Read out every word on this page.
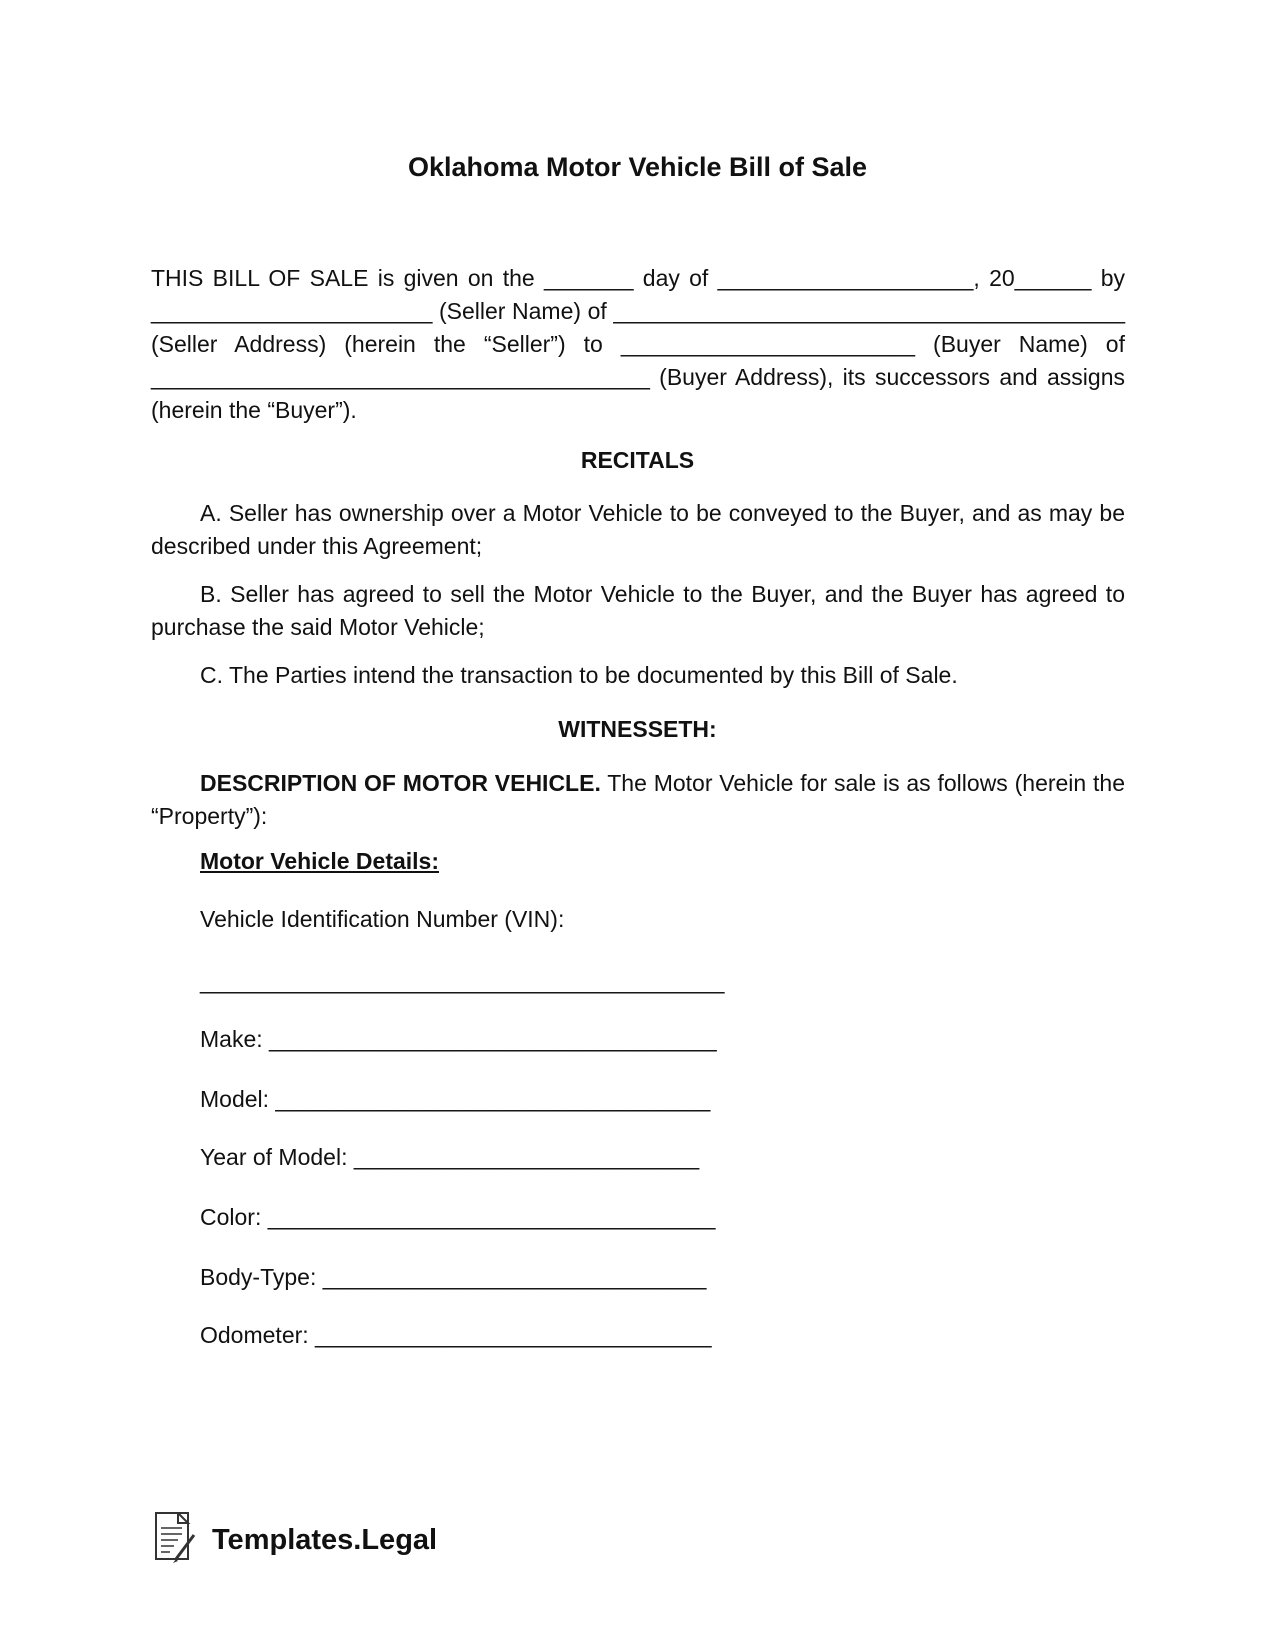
Oklahoma Motor Vehicle Bill of Sale
THIS BILL OF SALE is given on the _______ day of ____________________, 20______ by ______________________ (Seller Name) of ________________________________________ (Seller Address) (herein the “Seller”) to _______________________ (Buyer Name) of _______________________________________ (Buyer Address), its successors and assigns (herein the “Buyer”).
RECITALS
A. Seller has ownership over a Motor Vehicle to be conveyed to the Buyer, and as may be described under this Agreement;
B. Seller has agreed to sell the Motor Vehicle to the Buyer, and the Buyer has agreed to purchase the said Motor Vehicle;
C. The Parties intend the transaction to be documented by this Bill of Sale.
WITNESSETH:
DESCRIPTION OF MOTOR VEHICLE. The Motor Vehicle for sale is as follows (herein the “Property”):
Motor Vehicle Details:
Vehicle Identification Number (VIN):
_________________________________________
Make: ___________________________________
Model: __________________________________
Year of Model: ___________________________
Color: ___________________________________
Body-Type: ______________________________
Odometer: _______________________________
Templates.Legal
